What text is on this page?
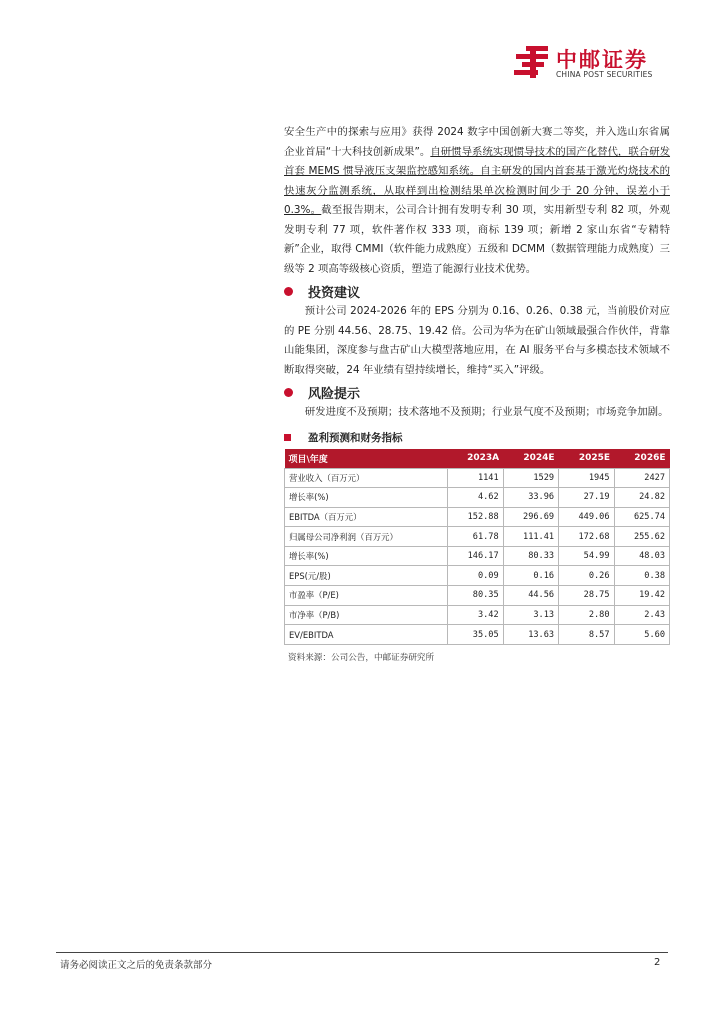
中邮证券
CHINA POST SECURITIES

安全生产中的探索与应用》获得 2024 数字中国创新大赛二等奖，并入选山东省属企业首届“十大科技创新成果”。自研惯导系统实现惯导技术的国产化替代，联合研发首套 MEMS 惯导液压支架监控感知系统。自主研发的国内首套基于激光灼烧技术的快速灰分监测系统，从取样到出检测结果单次检测时间少于 20 分钟，误差小于 0.3%。截至报告期末，公司合计拥有发明专利 30 项，实用新型专利 82 项，外观发明专利 77 项，软件著作权 333 项，商标 139 项；新增 2 家山东省“专精特新”企业，取得 CMMI（软件能力成熟度）五级和 DCMM（数据管理能力成熟度）三级等 2 项高等级核心资质，塑造了能源行业技术优势。

投资建议

预计公司 2024-2026 年的 EPS 分别为 0.16、0.26、0.38 元，当前股价对应的 PE 分别 44.56、28.75、19.42 倍。公司为华为在矿山领域最强合作伙伴，背靠山能集团，深度参与盘古矿山大模型落地应用，在 AI 服务平台与多模态技术领域不断取得突破，24 年业绩有望持续增长，维持“买入”评级。

风险提示

研发进度不及预期；技术落地不及预期；行业景气度不及预期；市场竞争加剧。

盈利预测和财务指标
项目\年度	2023A	2024E	2025E	2026E
营业收入（百万元）	1141	1529	1945	2427
增长率(%)	4.62	33.96	27.19	24.82
EBITDA（百万元）	152.88	296.69	449.06	625.74
归属母公司净利润（百万元）	61.78	111.41	172.68	255.62
增长率(%)	146.17	80.33	54.99	48.03
EPS(元/股)	0.09	0.16	0.26	0.38
市盈率（P/E)	80.35	44.56	28.75	19.42
市净率（P/B)	3.42	3.13	2.80	2.43
EV/EBITDA	35.05	13.63	8.57	5.60
资料来源：公司公告，中邮证券研究所
请务必阅读正文之后的免责条款部分	2
